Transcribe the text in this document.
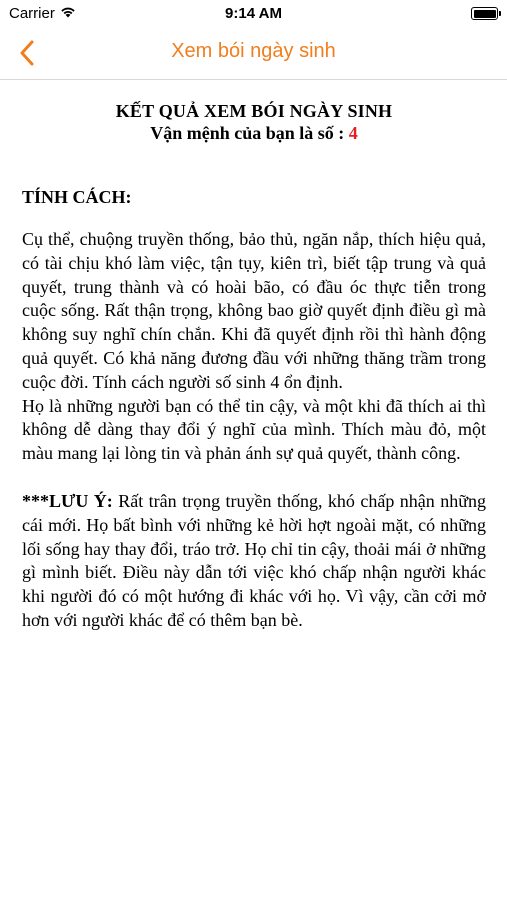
Carrier	9:14 AM
Xem bói ngày sinh
KẾT QUẢ XEM BÓI NGÀY SINH
Vận mệnh của bạn là số : 4
TÍNH CÁCH:

Cụ thể, chuộng truyền thống, bảo thủ, ngăn nắp, thích hiệu quả, có tài chịu khó làm việc, tận tụy, kiên trì, biết tập trung và quả quyết, trung thành và có hoài bão, có đầu óc thực tiễn trong cuộc sống. Rất thận trọng, không bao giờ quyết định điều gì mà không suy nghĩ chín chắn. Khi đã quyết định rồi thì hành động quả quyết. Có khả năng đương đầu với những thăng trầm trong cuộc đời. Tính cách người số sinh 4 ổn định.

Họ là những người bạn có thể tin cậy, và một khi đã thích ai thì không dễ dàng thay đổi ý nghĩ của mình. Thích màu đỏ, một màu mang lại lòng tin và phản ánh sự quả quyết, thành công.

***LƯU Ý: Rất trân trọng truyền thống, khó chấp nhận những cái mới. Họ bất bình với những kẻ hời hợt ngoài mặt, có những lối sống hay thay đổi, tráo trở. Họ chỉ tin cậy, thoải mái ở những gì mình biết. Điều này dẫn tới việc khó chấp nhận người khác khi người đó có một hướng đi khác với họ. Vì vậy, cần cởi mở hơn với người khác để có thêm bạn bè.
